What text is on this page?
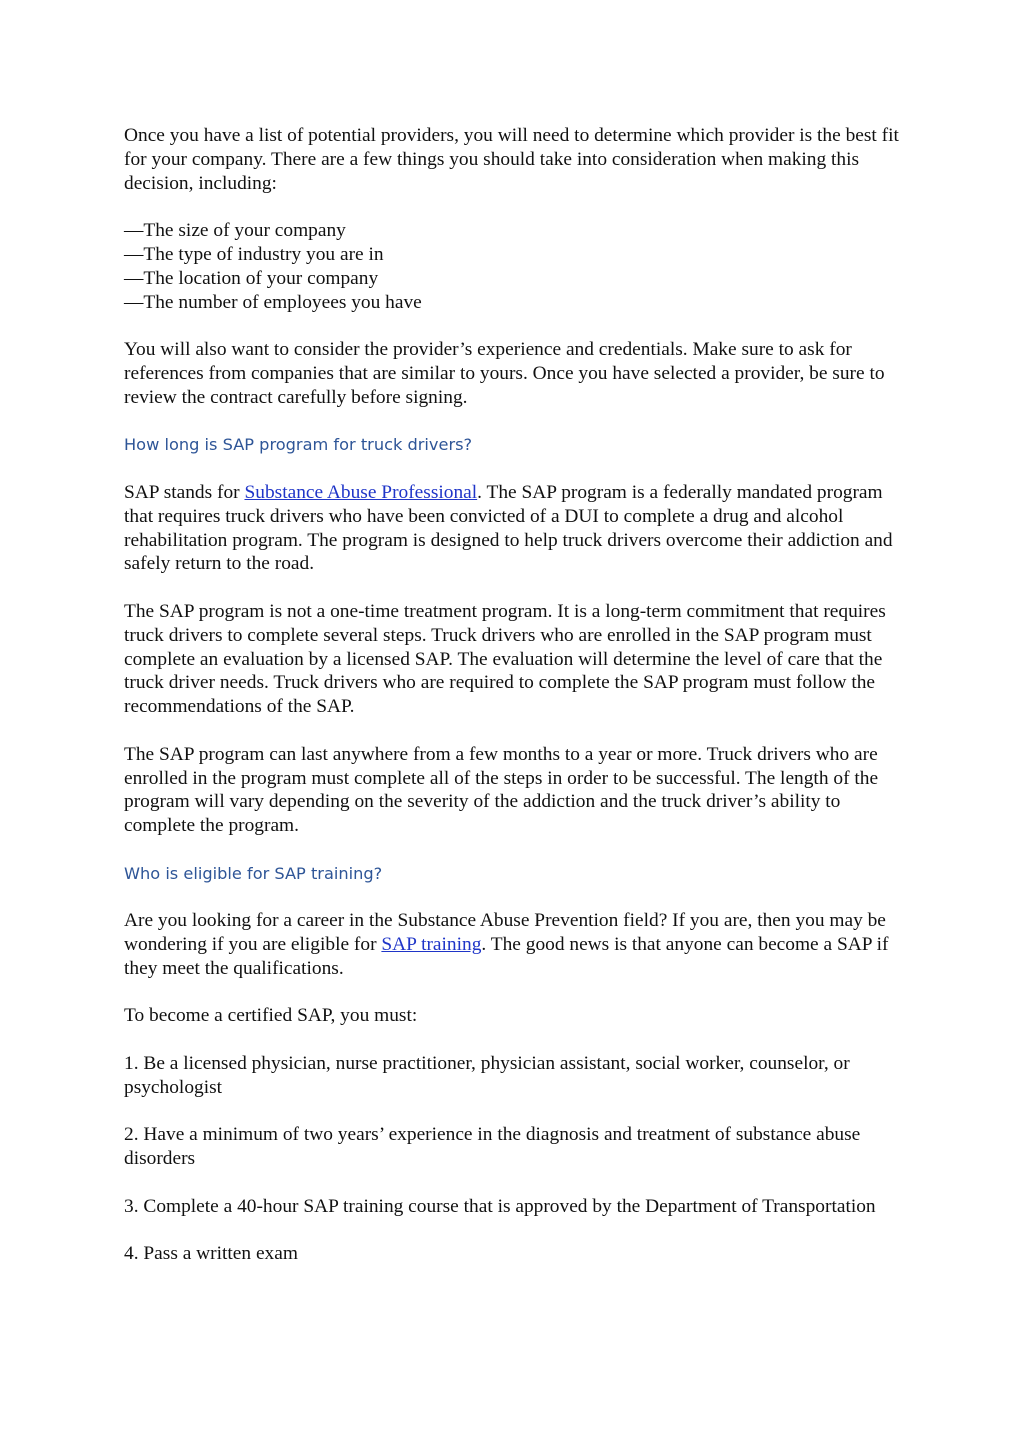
Once you have a list of potential providers, you will need to determine which provider is the best fit for your company. There are a few things you should take into consideration when making this decision, including:

—The size of your company
—The type of industry you are in
—The location of your company
—The number of employees you have

You will also want to consider the provider’s experience and credentials. Make sure to ask for references from companies that are similar to yours. Once you have selected a provider, be sure to review the contract carefully before signing.

How long is SAP program for truck drivers?

SAP stands for Substance Abuse Professional. The SAP program is a federally mandated program that requires truck drivers who have been convicted of a DUI to complete a drug and alcohol rehabilitation program. The program is designed to help truck drivers overcome their addiction and safely return to the road.

The SAP program is not a one-time treatment program. It is a long-term commitment that requires truck drivers to complete several steps. Truck drivers who are enrolled in the SAP program must complete an evaluation by a licensed SAP. The evaluation will determine the level of care that the truck driver needs. Truck drivers who are required to complete the SAP program must follow the recommendations of the SAP.

The SAP program can last anywhere from a few months to a year or more. Truck drivers who are enrolled in the program must complete all of the steps in order to be successful. The length of the program will vary depending on the severity of the addiction and the truck driver’s ability to complete the program.

Who is eligible for SAP training?

Are you looking for a career in the Substance Abuse Prevention field? If you are, then you may be wondering if you are eligible for SAP training. The good news is that anyone can become a SAP if they meet the qualifications.

To become a certified SAP, you must:

1. Be a licensed physician, nurse practitioner, physician assistant, social worker, counselor, or psychologist

2. Have a minimum of two years’ experience in the diagnosis and treatment of substance abuse disorders

3. Complete a 40-hour SAP training course that is approved by the Department of Transportation

4. Pass a written exam
